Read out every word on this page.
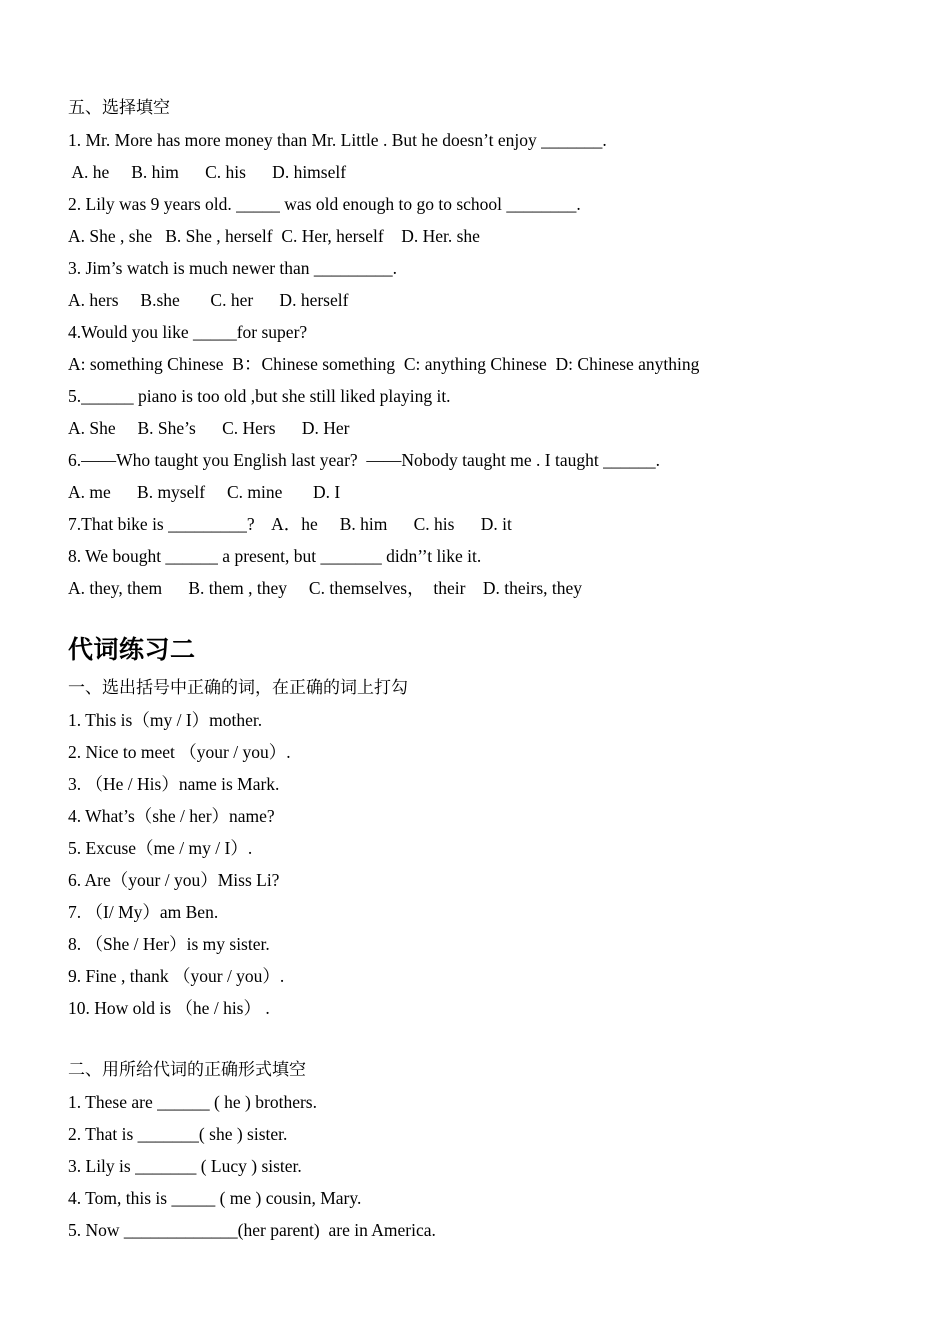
五、选择填空
1. Mr. More has more money than Mr. Little . But he doesn’t enjoy _______.
A. he     B. him      C. his      D. himself
2. Lily was 9 years old. _____ was old enough to go to school ________.
A. She , she   B. She , herself  C. Her, herself    D. Her. she
3. Jim’s watch is much newer than _________.
A. hers     B.she       C. her      D. herself
4.Would you like _____for super?
A: something Chinese  B：Chinese something  C: anything Chinese  D: Chinese anything
5.______ piano is too old ,but she still liked playing it.
A. She     B. She’s      C. Hers      D. Her
6.——Who taught you English last year?  ——Nobody taught me . I taught ______.
A. me      B. myself     C. mine       D. I
7.That bike is _________?    A．he     B. him      C. his      D. it
8. We bought ______ a present, but _______ didn’’t like it.
A. they, them      B. them , they     C. themselves，  their    D. theirs, they
代词练习二
一、选出括号中正确的词，在正确的词上打勾
1. This is（my / I）mother.
2. Nice to meet （your / you）.
3. （He / His）name is Mark.
4. What’s（she / her）name?
5. Excuse（me / my / I）.
6. Are（your / you）Miss Li?
7. （I/ My）am Ben.
8. （She / Her）is my sister.
9. Fine , thank （your / you）.
10. How old is （he / his） .
二、用所给代词的正确形式填空
1. These are ______ ( he ) brothers.
2. That is _______( she ) sister.
3. Lily is _______ ( Lucy ) sister.
4. Tom, this is _____ ( me ) cousin, Mary.
5. Now _____________(her parent)  are in America.
